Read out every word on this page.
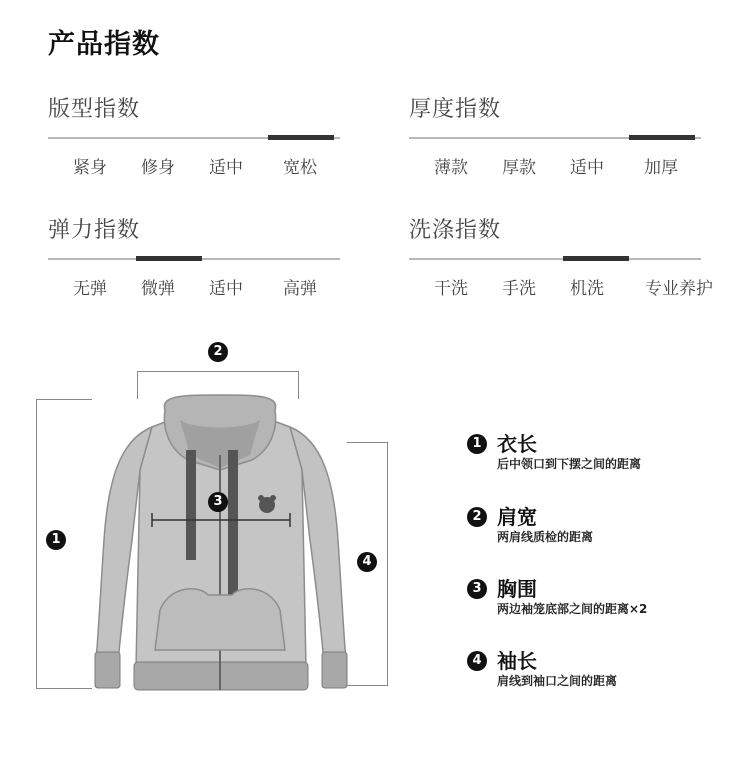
产品指数
版型指数
紧身 修身 适中 宽松
厚度指数
薄款 厚款 适中 加厚
弹力指数
无弹 微弹 适中 高弹
洗涤指数
干洗 手洗 机洗 专业养护
1
2
4
3
1 衣长
后中领口到下摆之间的距离
2 肩宽
两肩线质检的距离
3 胸围
两边袖笼底部之间的距离×2
4 袖长
肩线到袖口之间的距离
